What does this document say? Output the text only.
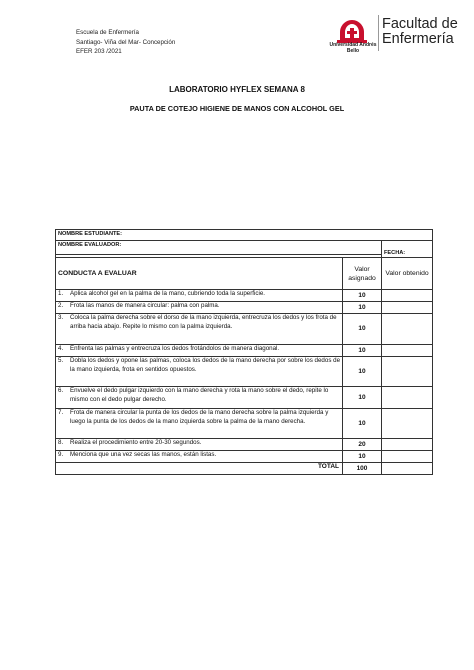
Escuela de Enfermería
Santiago- Viña del Mar- Concepción
EFER 203 /2021
Universidad Andrés Bello
Facultad de
Enfermería
LABORATORIO HYFLEX SEMANA 8
PAUTA DE COTEJO HIGIENE DE MANOS CON ALCOHOL GEL
NOMBRE ESTUDIANTE:		
NOMBRE EVALUADOR:		FECHA:

CONDUCTA A EVALUAR	Valor asignado	Valor obtenido

1. Aplica alcohol gel en la palma de la mano, cubriendo toda la superficie.	10	

2. Frota las manos de manera circular: palma con palma.	10	

3. Coloca la palma derecha sobre el dorso de la mano izquierda, entrecruza los dedos y los frota de arriba hacia abajo. Repite lo mismo con la palma izquierda.	10	

4. Enfrenta las palmas y entrecruza los dedos frotándolos de manera diagonal.	10	

5. Dobla los dedos y opone las palmas, coloca los dedos de la mano derecha por sobre los dedos de la mano izquierda, frota en sentidos opuestos.	10	

6. Envuelve el dedo pulgar izquierdo con la mano derecha y rota la mano sobre el dedo, repite lo mismo con el dedo pulgar derecho.	10	

7. Frota de manera circular la punta de los dedos de la mano derecha sobre la palma izquierda y luego la punta de los dedos de la mano izquierda sobre la palma de la mano derecha.	10	

8. Realiza el procedimiento entre 20-30 segundos.	20	

9. Menciona que una vez secas las manos, están listas.	10	
TOTAL	100	
